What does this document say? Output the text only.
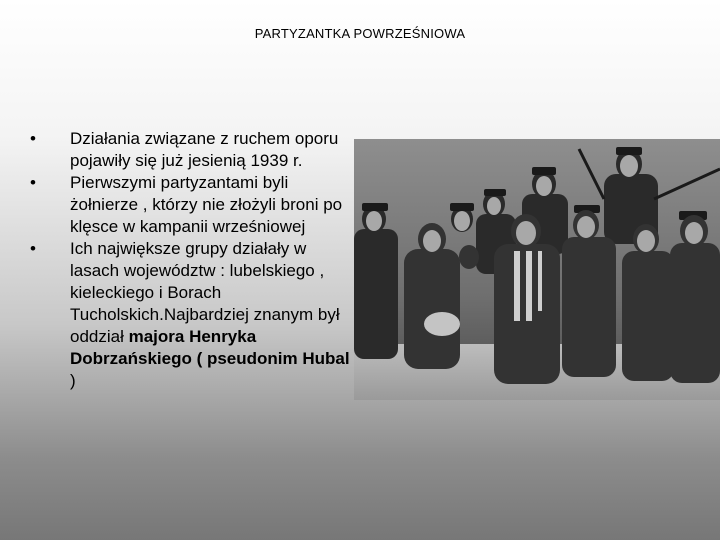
PARTYZANTKA POWRZEŚNIOWA
• Działania związane z ruchem oporu pojawiły się już jesienią 1939 r.
• Pierwszymi partyzantami byli żołnierze , którzy nie złożyli broni po klęsce w kampanii wrześniowej
• Ich największe grupy działały w lasach województw : lubelskiego , kieleckiego i Borach Tucholskich.Najbardziej znanym był oddział majora Henryka Dobrzańskiego ( pseudonim Hubal )
